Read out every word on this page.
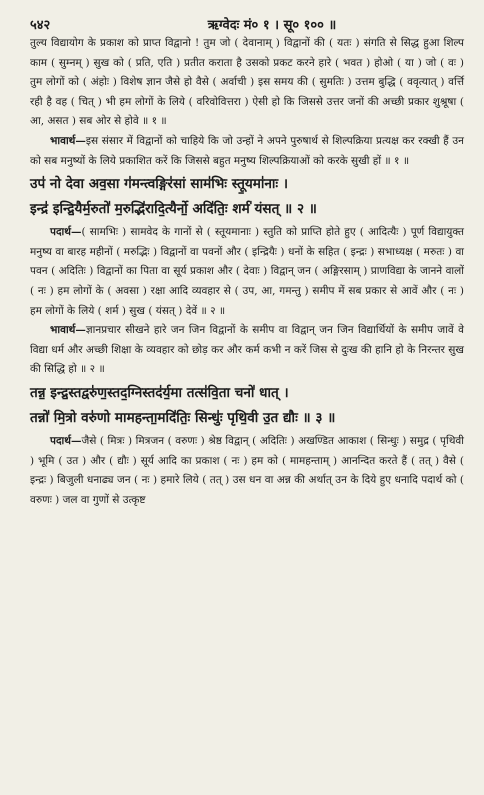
५४२	ऋग्वेदः मं० १ । सू० १०० ॥

तुल्य विद्यायोग के प्रकाश को प्राप्त विद्वानो ! तुम जो ( देवानाम् ) विद्वानों की ( यतः ) संगति से सिद्ध हुआ शिल्प काम ( सुम्नम् ) सुख को ( प्रति, एति ) प्रतीत कराता है उसको प्रकट करने हारे ( भवत ) होओ ( या ) जो ( वः ) तुम लोगों को ( अंहोः ) विशेष ज्ञान जैसे हो वैसे ( अर्वाची ) इस समय की ( सुमतिः ) उत्तम बुद्धि ( ववृत्यात् ) वर्त्ति रही है वह ( चित् ) भी हम लोगों के लिये ( वरिवोवित्तरा ) ऐसी हो कि जिससे उत्तर जनों की अच्छी प्रकार शुश्रूषा ( आ, असत ) सब ओर से होवे ॥ १ ॥

भावार्थ—इस संसार में विद्वानों को चाहिये कि जो उन्हों ने अपने पुरुषार्थ से शिल्पक्रिया प्रत्यक्ष कर रक्खी हैं उन को सब मनुष्यों के लिये प्रकाशित करें कि जिससे बहुत मनुष्य शिल्पक्रियाओं को करके सुखी हों ॥ १ ॥

उप॑ नो देवा अव॒सा ग॑मन्त्वङ्गिर॑सां साम॑भिः स्तू॒यमा॑नाः ।
इन्द्र॑ इन्द्रि॒यैर्म॒रुतो॑ म॒रुद्भि॑रादि॒त्यैर्नो॒ अदि॑तिः॒ शर्म॑ यंसत् ॥ २ ॥

पदार्थ—( सामभिः ) सामवेद के गानों से ( स्तूयमानाः ) स्तुति को प्राप्ति होते हुए ( आदित्यैः ) पूर्ण विद्यायुक्त मनुष्य वा बारह महीनों ( मरुद्भिः ) विद्वानों वा पवनों और ( इन्द्रियैः ) धनों के सहित ( इन्द्रः ) सभाध्यक्ष ( मरुतः ) वा पवन ( अदितिः ) विद्वानों का पिता वा सूर्य प्रकाश और ( देवाः ) विद्वान् जन ( अङ्गिरसाम् ) प्राणविद्या के जानने वालों ( नः ) हम लोगों के ( अवसा ) रक्षा आदि व्यवहार से ( उप, आ, गमन्तु ) समीप में सब प्रकार से आवें और ( नः ) हम लोगों के लिये ( शर्म ) सुख ( यंसत् ) देवें ॥ २ ॥

भावार्थ—ज्ञानप्रचार सीखने हारे जन जिन विद्वानों के समीप वा विद्वान् जन जिन विद्यार्थियों के समीप जावें वे विद्या धर्म और अच्छी शिक्षा के व्यवहार को छोड़ कर और कर्म कभी न करें जिस से दुःख की हानि हो के निरन्तर सुख की सिद्धि हो ॥ २ ॥

तन्न॒ इन्द्र॒स्तद्वरु॑ण॒स्तद॒ग्निस्तद॑र्य॒मा तत्स॑वि॒ता चनो॑ धात् ।
तन्नो॑ मि॒त्रो वरु॑णो मामहन्ता॒मदि॑तिः॒ सिन्धुः॑ पृथि॒वी उ॒त द्यौः ॥ ३ ॥

पदार्थ—जैसे ( मित्रः ) मित्रजन ( वरुणः ) श्रेष्ठ विद्वान् ( अदितिः ) अखण्डित आकाश ( सिन्धुः ) समुद्र ( पृथिवी ) भूमि ( उत ) और ( द्यौः ) सूर्य आदि का प्रकाश ( नः ) हम को ( मामहन्ताम् ) आनन्दित करते हैं ( तत् ) वैसे ( इन्द्रः ) बिजुली धनाढ्य जन ( नः ) हमारे लिये ( तत् ) उस धन वा अन्न की अर्थात् उन के दिये हुए धनादि पदार्थ को ( वरुणः ) जल वा गुणों से उत्कृष्ट
